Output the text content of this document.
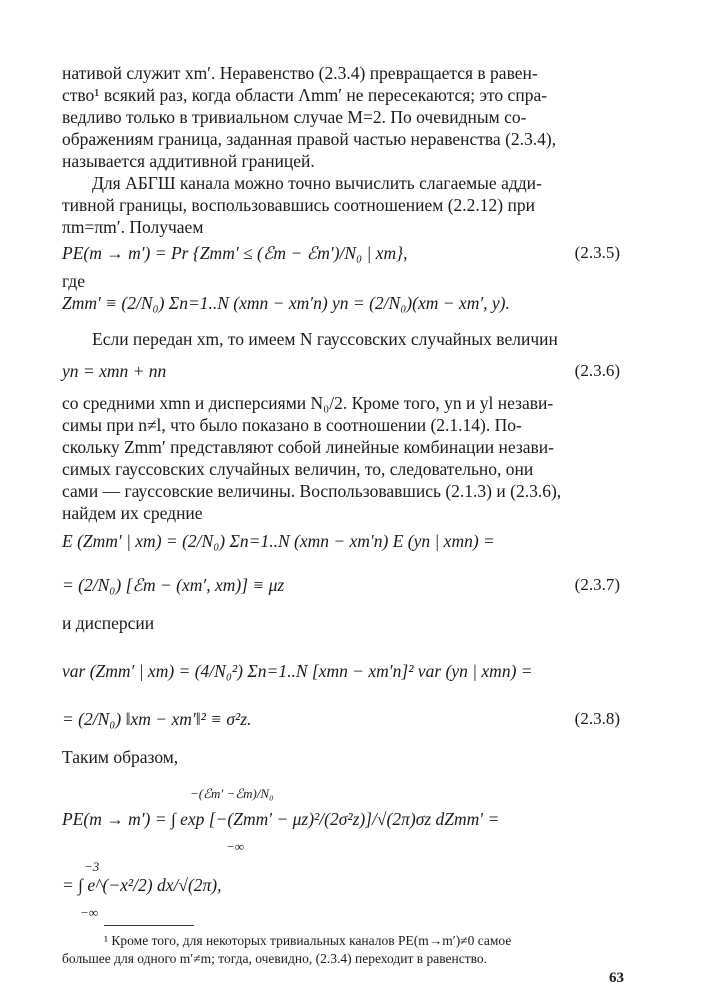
нативой служит xm′. Неравенство (2.3.4) превращается в равен-
ство¹ всякий раз, когда области Λmm′ не пересекаются; это спра-
ведливо только в тривиальном случае M=2. По очевидным со-
ображениям граница, заданная правой частью неравенства (2.3.4),
называется аддитивной границей.
Для АБГШ канала можно точно вычислить слагаемые адди-
тивной границы, воспользовавшись соотношением (2.2.12) при
πm=πm′. Получаем
PE(m → m′) = Pr {Zmm′ ≤ (ℰm − ℰm′)/N₀ | xm},	(2.3.5)
где
Zmm′ ≡ (2/N₀) Σn=1..N (xmn − xm′n) yn = (2/N₀)(xm − xm′, y).
Если передан xm, то имеем N гауссовских случайных величин
yn = xmn + nn	(2.3.6)
со средними xmn и дисперсиями N₀/2. Кроме того, yn и yl незави-
симы при n≠l, что было показано в соотношении (2.1.14). По-
скольку Zmm′ представляют собой линейные комбинации незави-
симых гауссовских случайных величин, то, следовательно, они
сами — гауссовские величины. Воспользовавшись (2.1.3) и (2.3.6),
найдем их средние
E (Zmm′ | xm) = (2/N₀) Σn=1..N (xmn − xm′n) E (yn | xmn) =
= (2/N₀) [ℰm − (xm′, xm)] ≡ μz	(2.3.7)
и дисперсии
var (Zmm′ | xm) = (4/N₀²) Σn=1..N [xmn − xm′n]² var (yn | xmn) =
= (2/N₀) ‖xm − xm′‖² ≡ σ²z.	(2.3.8)
Таким образом,
−(ℰm′ −ℰm)/N₀
PE(m → m′) = ∫ exp [−(Zmm′ − μz)²/(2σ²z)]/√(2π)σz dZmm′ =
−∞
−3
= ∫ e^(−x²/2) dx/√(2π),
−∞
¹ Кроме того, для некоторых тривиальных каналов PE(m→m′)≠0 самое
большее для одного m′≠m; тогда, очевидно, (2.3.4) переходит в равенство.
63
